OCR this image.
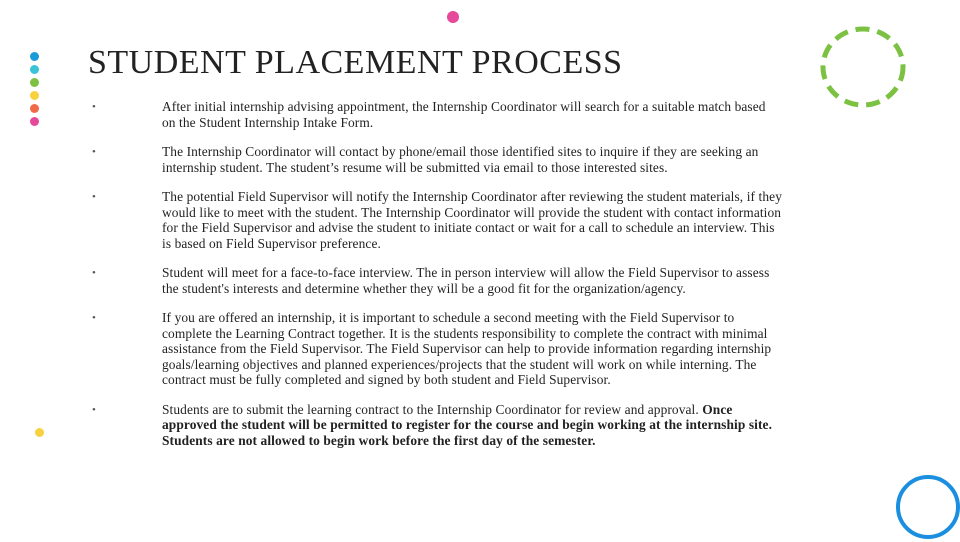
STUDENT PLACEMENT PROCESS
•	After initial internship advising appointment, the Internship Coordinator will search for a suitable match based on the Student Internship Intake Form.
•	The Internship Coordinator will contact by phone/email those identified sites to inquire if they are seeking an internship student. The student’s resume will be submitted via email to those interested sites.
•	The potential Field Supervisor will notify the Internship Coordinator after reviewing the student materials, if they would like to meet with the student. The Internship Coordinator will provide the student with contact information for the Field Supervisor and advise the student to initiate contact or wait for a call to schedule an interview. This is based on Field Supervisor preference.
•	Student will meet for a face-to-face interview. The in person interview will allow the Field Supervisor to assess the student's interests and determine whether they will be a good fit for the organization/agency.
•	If you are offered an internship, it is important to schedule a second meeting with the Field Supervisor to complete the Learning Contract together. It is the students responsibility to complete the contract with minimal assistance from the Field Supervisor. The Field Supervisor can help to provide information regarding internship goals/learning objectives and planned experiences/projects that the student will work on while interning. The contract must be fully completed and signed by both student and Field Supervisor.
•	Students are to submit the learning contract to the Internship Coordinator for review and approval. Once approved the student will be permitted to register for the course and begin working at the internship site. Students are not allowed to begin work before the first day of the semester.
